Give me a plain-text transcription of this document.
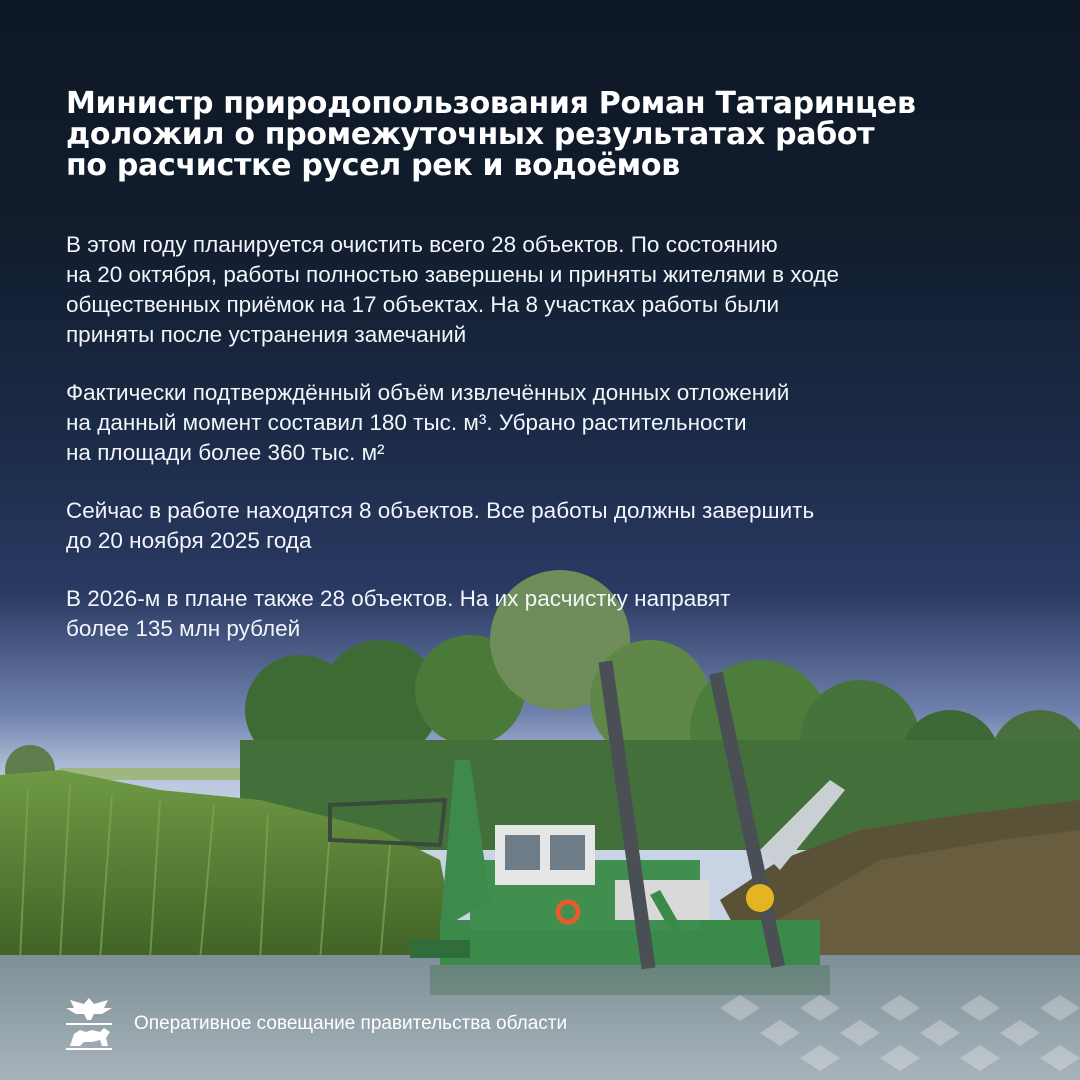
Министр природопользования Роман Татаринцев
доложил о промежуточных результатах работ
по расчистке русел рек и водоёмов

В этом году планируется очистить всего 28 объектов. По состоянию
на 20 октября, работы полностью завершены и приняты жителями в ходе
общественных приёмок на 17 объектах. На 8 участках работы были
приняты после устранения замечаний

Фактически подтверждённый объём извлечённых донных отложений
на данный момент составил 180 тыс. м³. Убрано растительности
на площади более 360 тыс. м²

Сейчас в работе находятся 8 объектов. Все работы должны завершить
до 20 ноября 2025 года

В 2026-м в плане также 28 объектов. На их расчистку направят
более 135 млн рублей

Оперативное совещание правительства области
